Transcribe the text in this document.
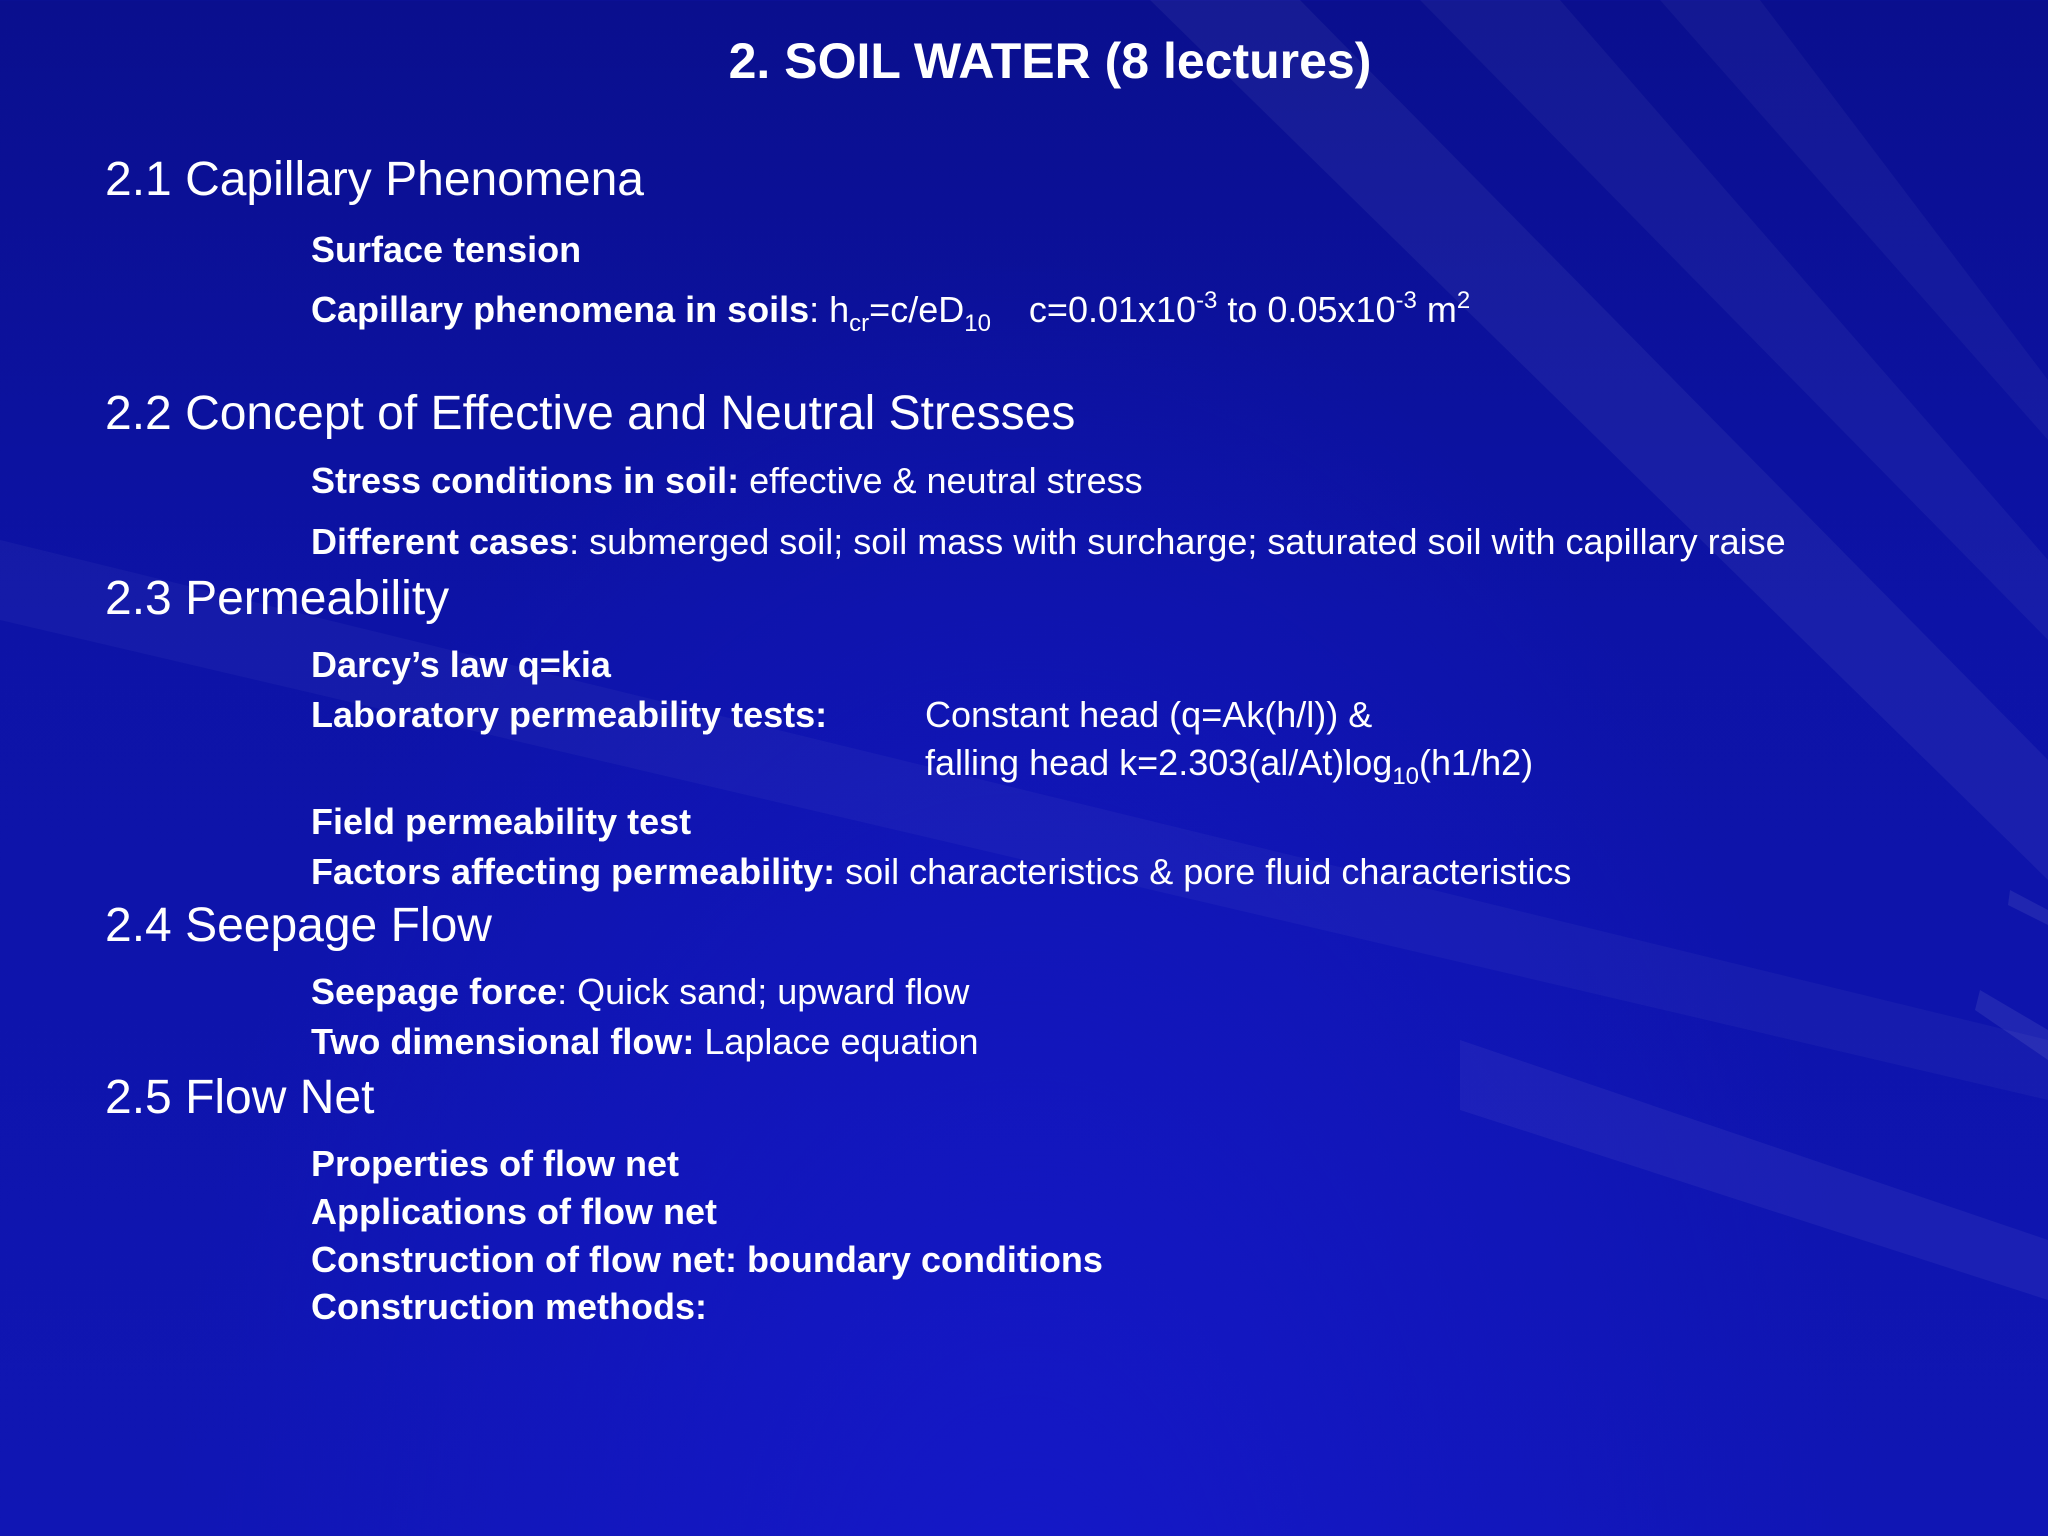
2. SOIL WATER (8 lectures)

2.1 Capillary Phenomena

Surface tension

Capillary phenomena in soils: $h_{cr}=c/eD_{10}$ $c=0.01x10^{-3}$ to $0.05x10^{-3}$ $m^2$

2.2 Concept of Effective and Neutral Stresses

Stress conditions in soil: effective & neutral stress

Different cases: submerged soil; soil mass with surcharge; saturated soil with capillary raise

2.3 Permeability

Darcy’s law q=kia

Laboratory permeability tests:	Constant head (q=Ak(h/l)) &

falling head $k=2.303(al/At)\log_{10}(h1/h2)$

Field permeability test

Factors affecting permeability: soil characteristics & pore fluid characteristics

2.4 Seepage Flow

Seepage force: Quick sand; upward flow

Two dimensional flow: Laplace equation

2.5 Flow Net

Properties of flow net

Applications of flow net

Construction of flow net: boundary conditions

Construction methods:
